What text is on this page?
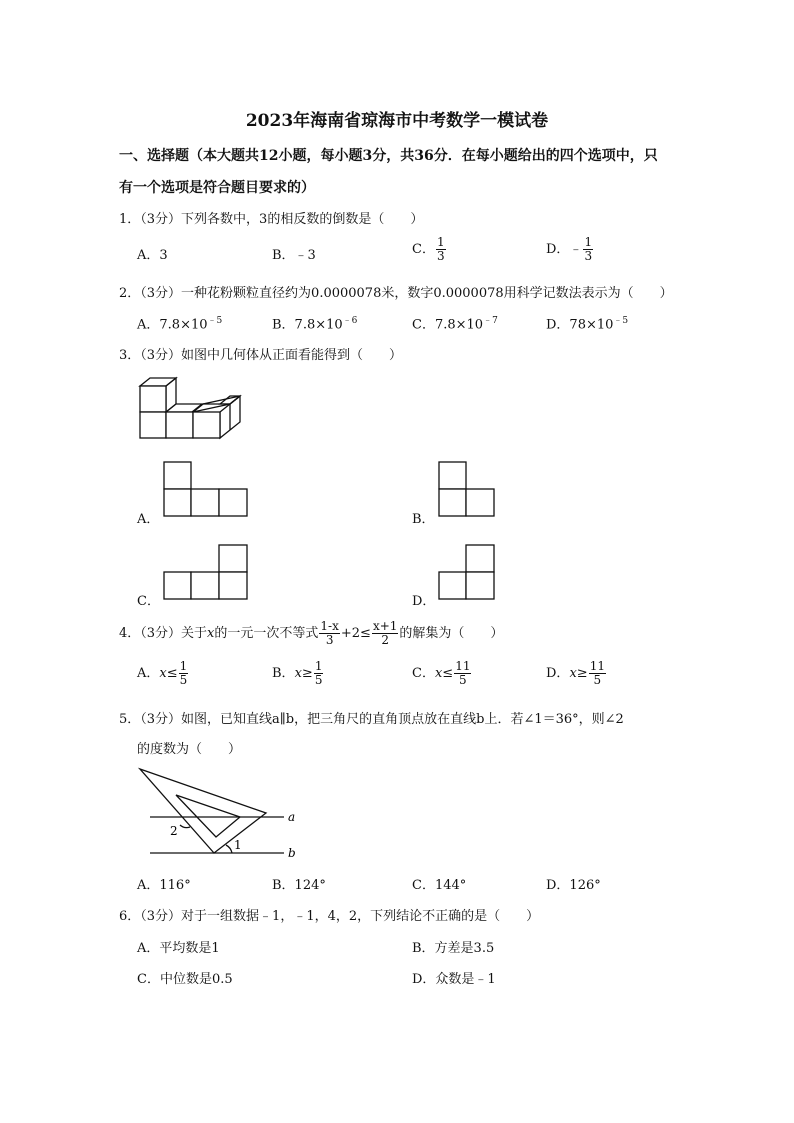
2023年海南省琼海市中考数学一模试卷
一、选择题（本大题共12小题，每小题3分，共36分．在每小题给出的四个选项中，只
有一个选项是符合题目要求的）
1．（3分）下列各数中，3的相反数的倒数是（　　）
A．3	B．﹣3	C． $\frac{1}{3}$	D．﹣ $\frac{1}{3}$
2．（3分）一种花粉颗粒直径约为0.0000078米，数字0.0000078用科学记数法表示为（　　）
A．$7.8\times 10^{﹣5}$	B．$7.8\times 10^{﹣6}$	C．$7.8\times 10^{﹣7}$	D．$78\times 10^{﹣5}$
3．（3分）如图中几何体从正面看能得到（　　）
A．	B．
C．	D．
4．（3分）关于x的一元一次不等式 $\frac{1-x}{3} +2\le \frac{x+1}{2}$ 的解集为（　　）
A．$x\le \frac{1}{5}$	B．$x\ge \frac{1}{5}$	C．$x\le \frac{11}{5}$	D．$x\ge \frac{11}{5}$
5．（3分）如图，已知直线a∥b，把三角尺的直角顶点放在直线b上．若∠1＝36°，则∠2
的度数为（　　）
a
b
1
2
A．116°	B．124°	C．144°	D．126°
6．（3分）对于一组数据﹣1，﹣1，4，2，下列结论不正确的是（　　）
A．平均数是1	B．方差是3.5
C．中位数是0.5	D．众数是﹣1
